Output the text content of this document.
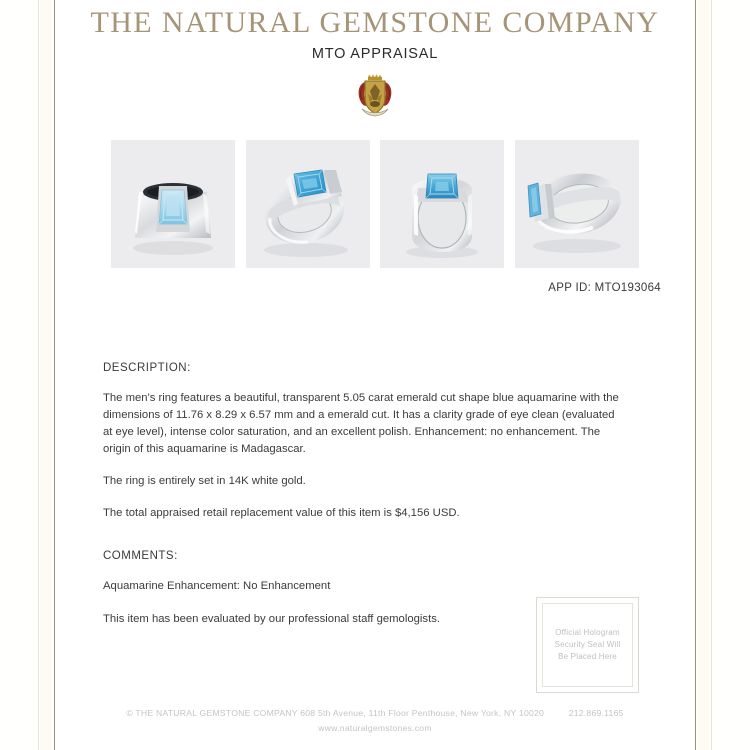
THE NATURAL GEMSTONE COMPANY
MTO APPRAISAL
APP ID: MTO193064
DESCRIPTION:

The men's ring features a beautiful, transparent 5.05 carat emerald cut shape blue aquamarine with the dimensions of 11.76 x 8.29 x 6.57 mm and a emerald cut. It has a clarity grade of eye clean (evaluated at eye level), intense color saturation, and an excellent polish. Enhancement: no enhancement. The origin of this aquamarine is Madagascar.

The ring is entirely set in 14K white gold.

The total appraised retail replacement value of this item is $4,156 USD.

COMMENTS:

Aquamarine Enhancement: No Enhancement

This item has been evaluated by our professional staff gemologists.

Official Hologram
Security Seal Will
Be Placed Here
© THE NATURAL GEMSTONE COMPANY 608 5th Avenue, 11th Floor Penthouse, New York, NY 10020	212.869.1165
www.naturalgemstones.com
